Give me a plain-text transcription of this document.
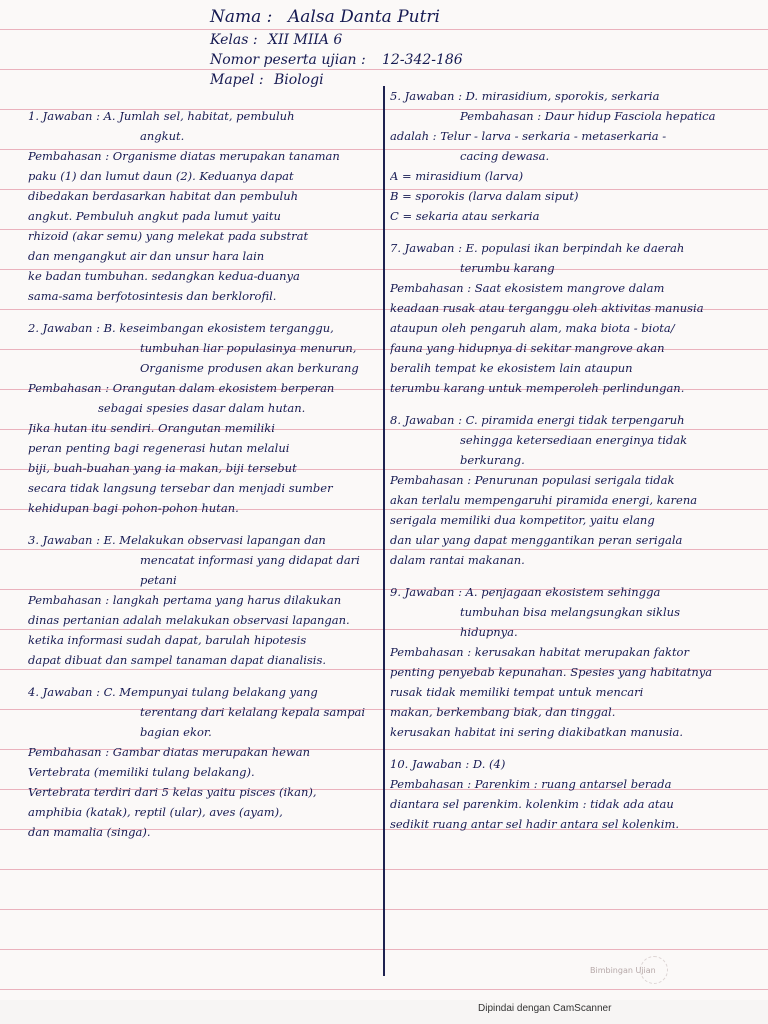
Nama : Aalsa Danta Putri
Kelas : XII MIIA 6
Nomor peserta ujian : 12-342-186
Mapel : Biologi
1. Jawaban : A. Jumlah sel, habitat, pembuluh
angkut.
Pembahasan : Organisme diatas merupakan tanaman
paku (1) dan lumut daun (2). Keduanya dapat
dibedakan berdasarkan habitat dan pembuluh
angkut. Pembuluh angkut pada lumut yaitu
rhizoid (akar semu) yang melekat pada substrat
dan mengangkut air dan unsur hara lain
ke badan tumbuhan. sedangkan kedua-duanya
sama-sama berfotosintesis dan berklorofil.
2. Jawaban : B. keseimbangan ekosistem terganggu,
tumbuhan liar populasinya menurun,
Organisme produsen akan berkurang
Pembahasan : Orangutan dalam ekosistem berperan
sebagai spesies dasar dalam hutan.
Jika hutan itu sendiri. Orangutan memiliki
peran penting bagi regenerasi hutan melalui
biji, buah-buahan yang ia makan, biji tersebut
secara tidak langsung tersebar dan menjadi sumber
kehidupan bagi pohon-pohon hutan.
3. Jawaban : E. Melakukan observasi lapangan dan
mencatat informasi yang didapat dari
petani
Pembahasan : langkah pertama yang harus dilakukan
dinas pertanian adalah melakukan observasi lapangan.
ketika informasi sudah dapat, barulah hipotesis
dapat dibuat dan sampel tanaman dapat dianalisis.
4. Jawaban : C. Mempunyai tulang belakang yang
terentang dari kelalang kepala sampai
bagian ekor.
Pembahasan : Gambar diatas merupakan hewan
Vertebrata (memiliki tulang belakang).
Vertebrata terdiri dari 5 kelas yaitu pisces (ikan),
amphibia (katak), reptil (ular), aves (ayam),
dan mamalia (singa).
5. Jawaban : D. mirasidium, sporokis, serkaria
Pembahasan : Daur hidup Fasciola hepatica
adalah : Telur - larva - serkaria - metaserkaria -
cacing dewasa.
A = mirasidium (larva)
B = sporokis (larva dalam siput)
C = sekaria atau serkaria
7. Jawaban : E. populasi ikan berpindah ke daerah
terumbu karang
Pembahasan : Saat ekosistem mangrove dalam
keadaan rusak atau terganggu oleh aktivitas manusia
ataupun oleh pengaruh alam, maka biota - biota/
fauna yang hidupnya di sekitar mangrove akan
beralih tempat ke ekosistem lain ataupun
terumbu karang untuk memperoleh perlindungan.
8. Jawaban : C. piramida energi tidak terpengaruh
sehingga ketersediaan energinya tidak
berkurang.
Pembahasan : Penurunan populasi serigala tidak
akan terlalu mempengaruhi piramida energi, karena
serigala memiliki dua kompetitor, yaitu elang
dan ular yang dapat menggantikan peran serigala
dalam rantai makanan.
9. Jawaban : A. penjagaan ekosistem sehingga
tumbuhan bisa melangsungkan siklus
hidupnya.
Pembahasan : kerusakan habitat merupakan faktor
penting penyebab kepunahan. Spesies yang habitatnya
rusak tidak memiliki tempat untuk mencari
makan, berkembang biak, dan tinggal.
kerusakan habitat ini sering diakibatkan manusia.
10. Jawaban : D. (4)
Pembahasan : Parenkim : ruang antarsel berada
diantara sel parenkim. kolenkim : tidak ada atau
sedikit ruang antar sel hadir antara sel kolenkim.
Bimbingan Ujian
Dipindai dengan CamScanner
